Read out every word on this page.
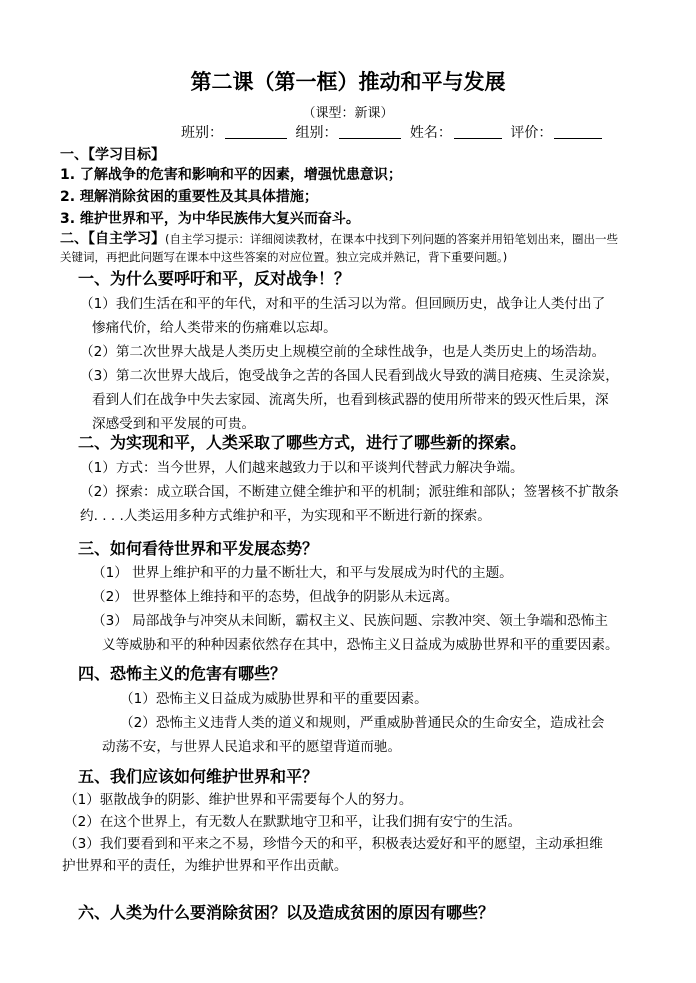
第二课（第一框）推动和平与发展
（课型：新课）
班别：	组别：	姓名：	评价：
一、【学习目标】
1. 了解战争的危害和影响和平的因素，增强忧患意识；
2. 理解消除贫困的重要性及其具体措施；
3. 维护世界和平，为中华民族伟大复兴而奋斗。
二、【自主学习】(自主学习提示：详细阅读教材，在课本中找到下列问题的答案并用铅笔划出来，圈出一些
关键词，再把此问题写在课本中这些答案的对应位置。独立完成并熟记，背下重要问题。)
一、为什么要呼吁和平，反对战争！？
（1）我们生活在和平的年代，对和平的生活习以为常。但回顾历史，战争让人类付出了
惨痛代价，给人类带来的伤痛难以忘却。
（2）第二次世界大战是人类历史上规模空前的全球性战争，也是人类历史上的场浩劫。
（3）第二次世界大战后，饱受战争之苦的各国人民看到战火导致的满目疮痍、生灵涂炭，
看到人们在战争中失去家园、流离失所，也看到核武器的使用所带来的毁灭性后果，深
深感受到和平发展的可贵。
二、为实现和平，人类采取了哪些方式，进行了哪些新的探索。
（1）方式：当今世界，人们越来越致力于以和平谈判代替武力解决争端。
（2）探索：成立联合国，不断建立健全维护和平的机制；派驻维和部队；签署核不扩散条
约. . . .人类运用多种方式维护和平，为实现和平不断进行新的探索。
三、如何看待世界和平发展态势？
（1） 世界上维护和平的力量不断壮大，和平与发展成为时代的主题。
（2） 世界整体上维持和平的态势，但战争的阴影从未远离。
（3） 局部战争与冲突从未间断，霸权主义、民族问题、宗教冲突、领土争端和恐怖主
义等威胁和平的种种因素依然存在其中，恐怖主义日益成为威胁世界和平的重要因素。
四、恐怖主义的危害有哪些？
（1）恐怖主义日益成为威胁世界和平的重要因素。
（2）恐怖主义违背人类的道义和规则，严重威胁普通民众的生命安全，造成社会
动荡不安，与世界人民追求和平的愿望背道而驰。
五、我们应该如何维护世界和平？
（1）驱散战争的阴影、维护世界和平需要每个人的努力。
（2）在这个世界上，有无数人在默默地守卫和平，让我们拥有安宁的生活。
（3）我们要看到和平来之不易，珍惜今天的和平，积极表达爱好和平的愿望，主动承担维
护世界和平的责任，为维护世界和平作出贡献。
六、人类为什么要消除贫困？以及造成贫困的原因有哪些？
